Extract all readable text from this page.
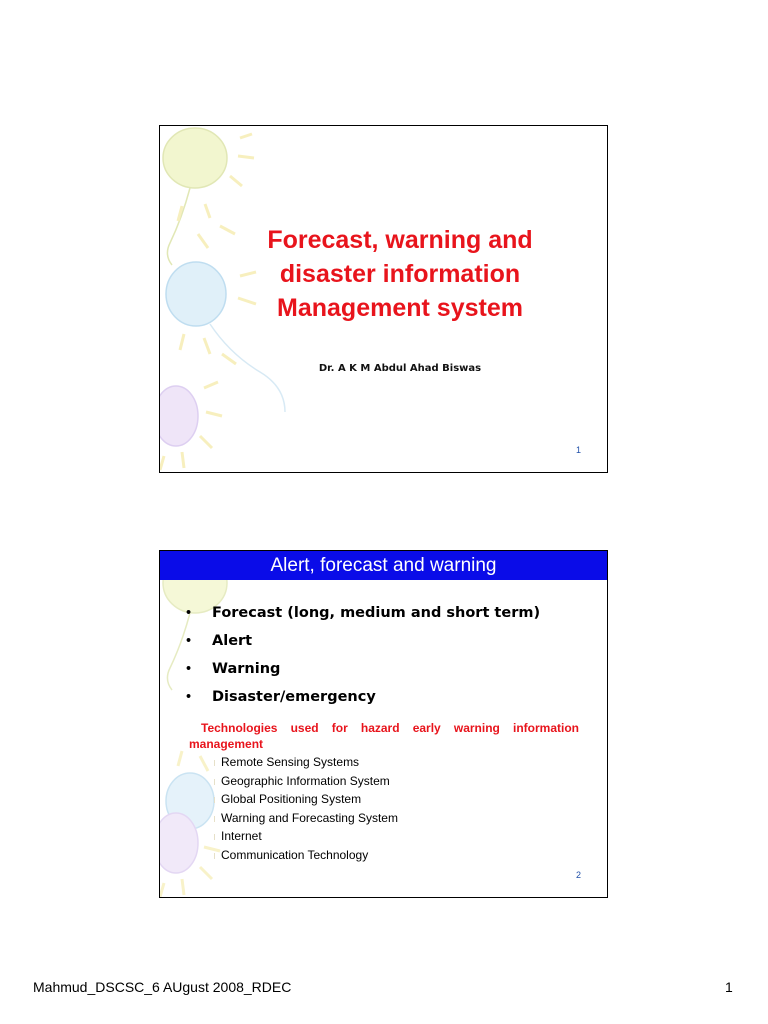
Forecast, warning and
disaster information
Management system
Dr. A K M Abdul Ahad Biswas
1
Alert, forecast and warning
• Forecast (long, medium and short term)
• Alert
• Warning
• Disaster/emergency
Technologies used for hazard early warning information management
Remote Sensing Systems
Geographic Information System
Global Positioning System
Warning and Forecasting System
Internet
Communication Technology
2
Mahmud_DSCSC_6 AUgust 2008_RDEC	1
